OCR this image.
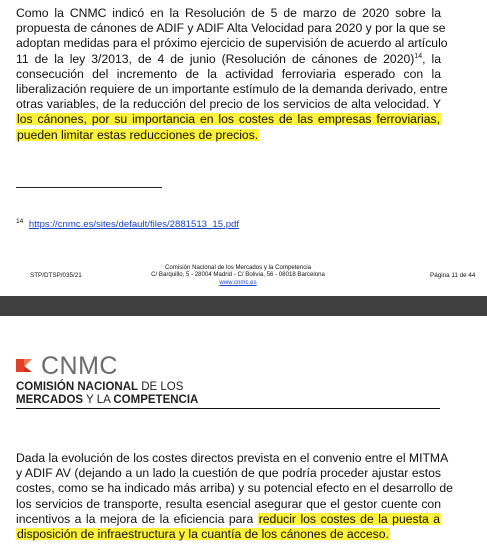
Como la CNMC indicó en la Resolución de 5 de marzo de 2020 sobre la
propuesta de cánones de ADIF y ADIF Alta Velocidad para 2020 y por la que se
adoptan medidas para el próximo ejercicio de supervisión de acuerdo al artículo
11 de la ley 3/2013, de 4 de junio (Resolución de cánones de 2020)$^{14}$, la
consecución del incremento de la actividad ferroviaria esperado con la
liberalización requiere de un importante estímulo de la demanda derivado, entre
otras variables, de la reducción del precio de los servicios de alta velocidad. Y
los cánones, por su importancia en los costes de las empresas ferroviarias,
pueden limitar estas reducciones de precios.
$^{14}$ https://cnmc.es/sites/default/files/2881513_15.pdf
STP/DTSP/035/21
Comisión Nacional de los Mercados y la Competencia
C/ Barquillo, 5 - 28004 Madrid - C/ Bolivia, 56 - 08018 Barcelona
www.cnmc.es
Página 11 de 44
CNMC
COMISIÓN NACIONAL DE LOS
MERCADOS Y LA COMPETENCIA
Dada la evolución de los costes directos prevista en el convenio entre el MITMA
y ADIF AV (dejando a un lado la cuestión de que podría proceder ajustar estos
costes, como se ha indicado más arriba) y su potencial efecto en el desarrollo de
los servicios de transporte, resulta esencial asegurar que el gestor cuente con
incentivos a la mejora de la eficiencia para reducir los costes de la puesta a
disposición de infraestructura y la cuantía de los cánones de acceso.
